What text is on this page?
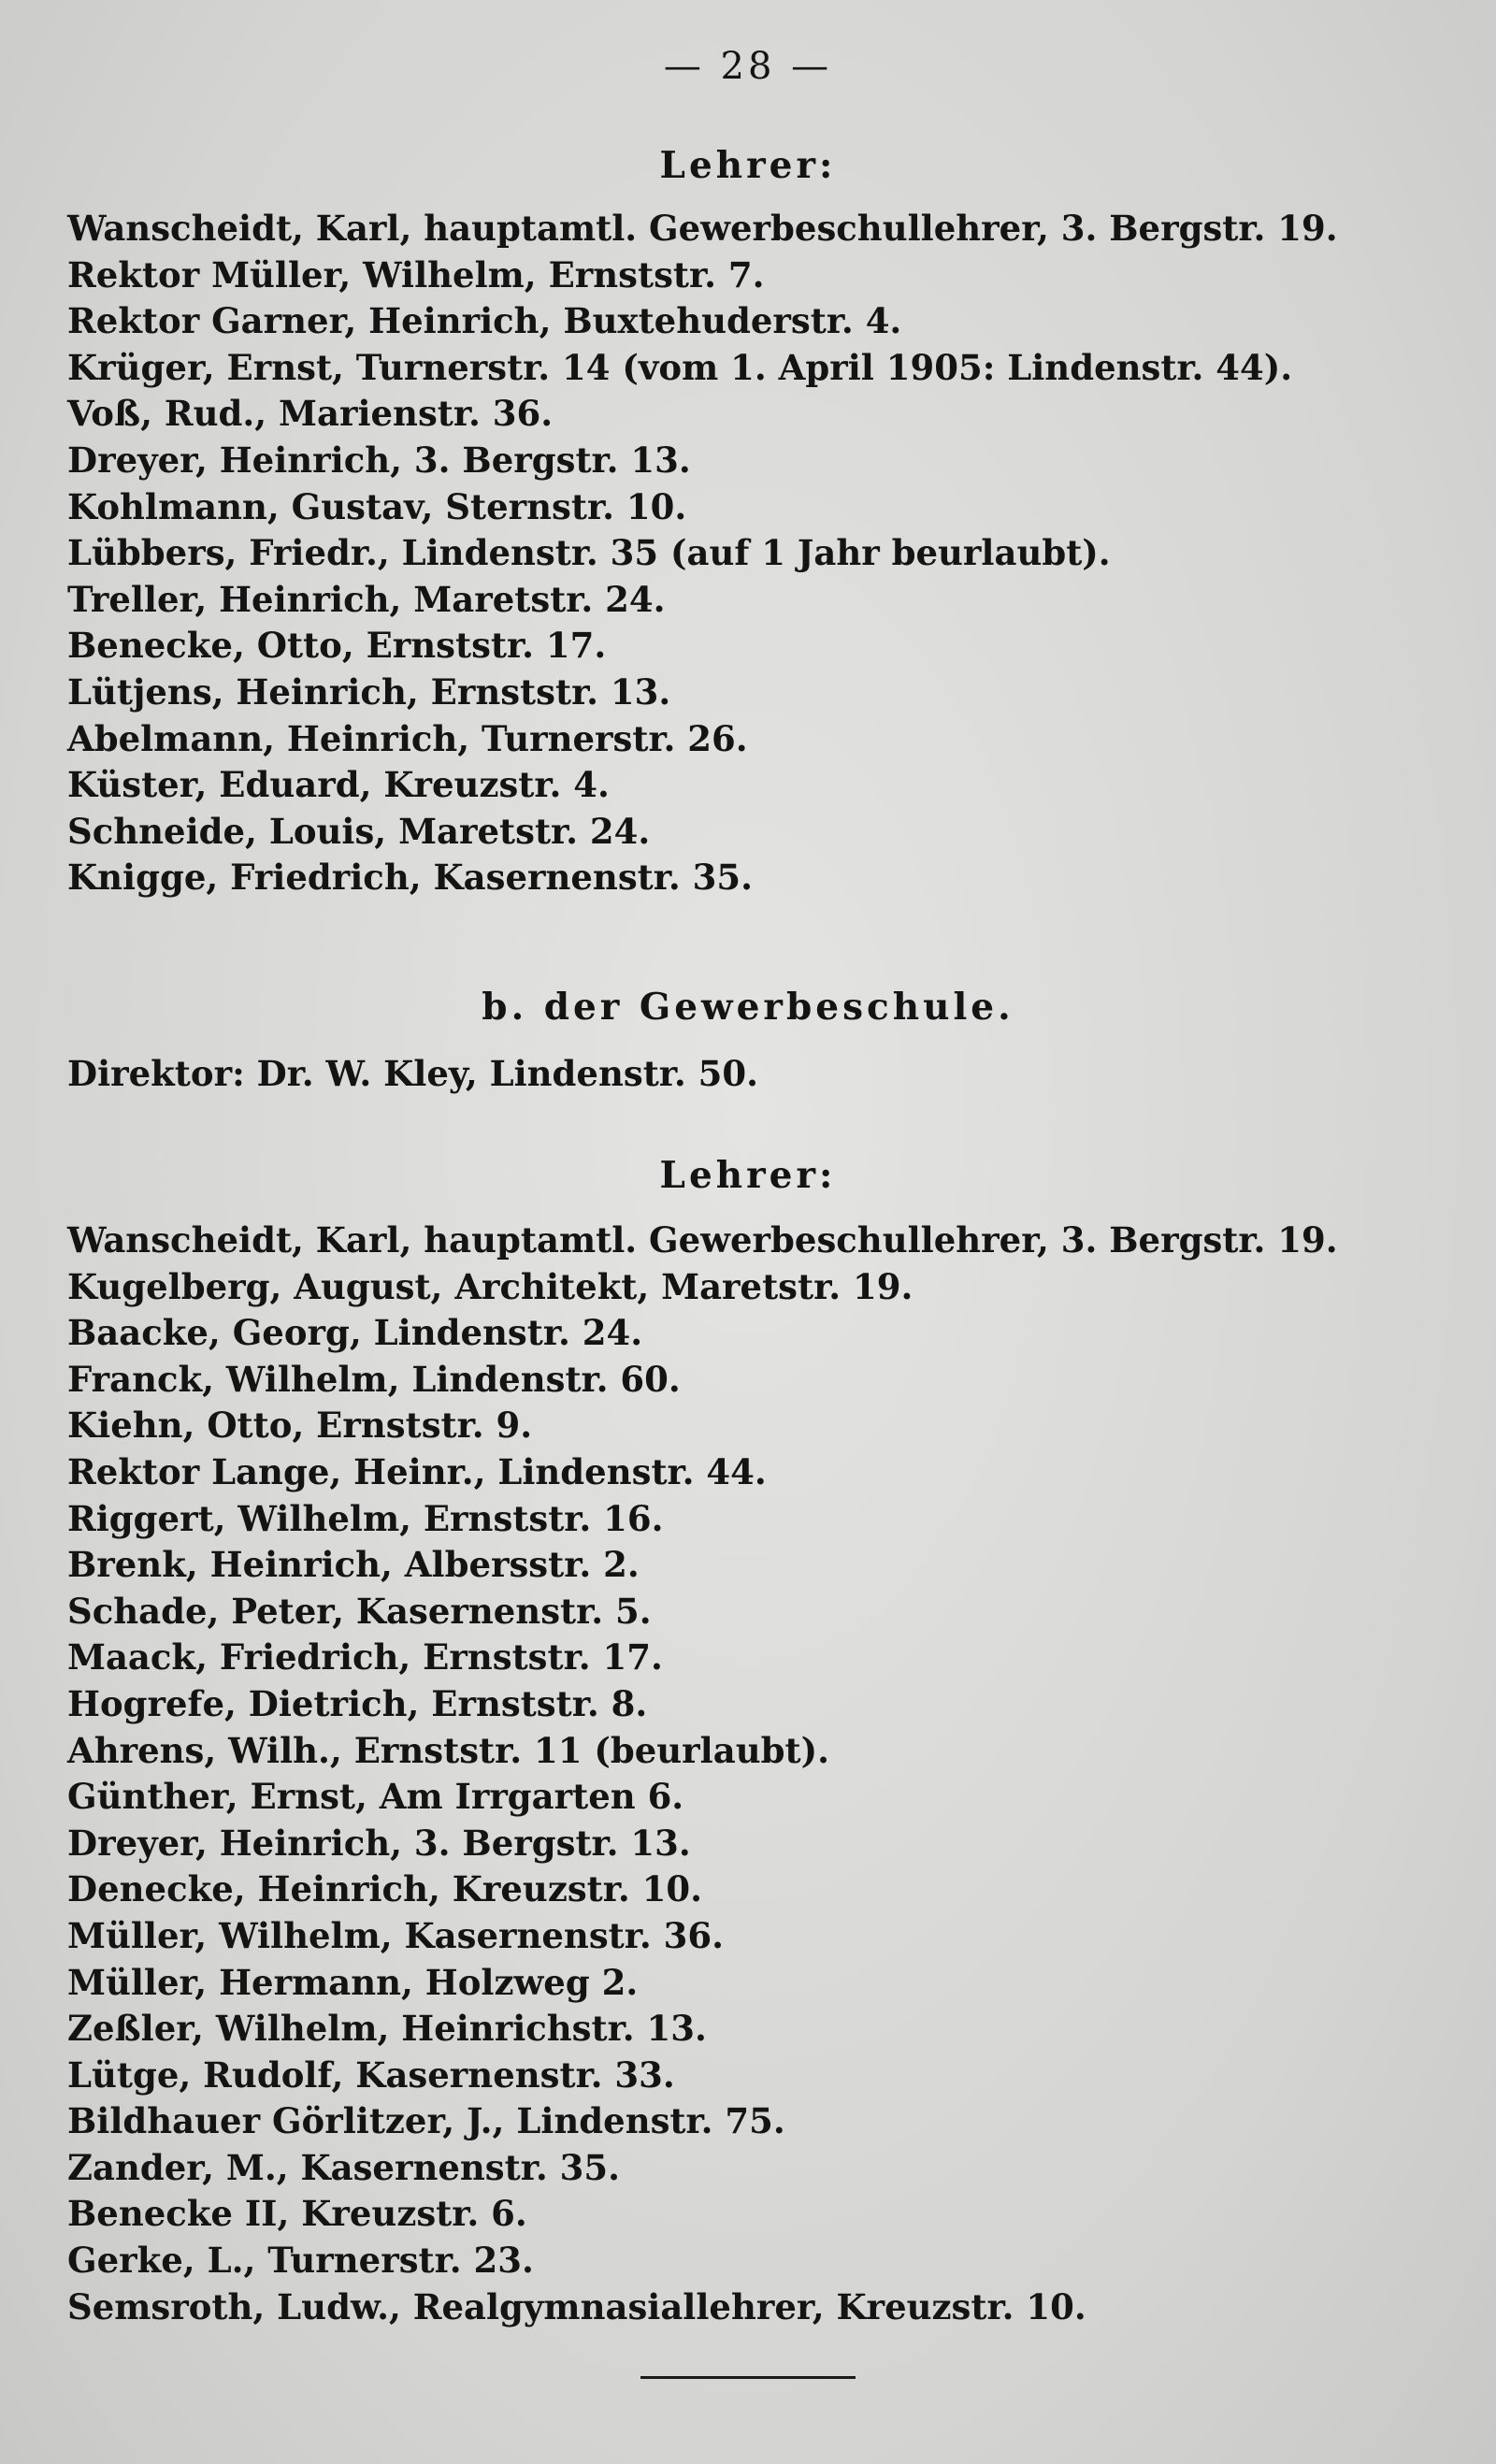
— 28 —
Lehrer:
Wanscheidt, Karl, hauptamtl. Gewerbeschullehrer, 3. Bergstr. 19.
Rektor Müller, Wilhelm, Ernststr. 7.
Rektor Garner, Heinrich, Buxtehuderstr. 4.
Krüger, Ernst, Turnerstr. 14 (vom 1. April 1905: Lindenstr. 44).
Voß, Rud., Marienstr. 36.
Dreyer, Heinrich, 3. Bergstr. 13.
Kohlmann, Gustav, Sternstr. 10.
Lübbers, Friedr., Lindenstr. 35 (auf 1 Jahr beurlaubt).
Treller, Heinrich, Maretstr. 24.
Benecke, Otto, Ernststr. 17.
Lütjens, Heinrich, Ernststr. 13.
Abelmann, Heinrich, Turnerstr. 26.
Küster, Eduard, Kreuzstr. 4.
Schneide, Louis, Maretstr. 24.
Knigge, Friedrich, Kasernenstr. 35.
b. der Gewerbeschule.
Direktor: Dr. W. Kley, Lindenstr. 50.
Lehrer:
Wanscheidt, Karl, hauptamtl. Gewerbeschullehrer, 3. Bergstr. 19.
Kugelberg, August, Architekt, Maretstr. 19.
Baacke, Georg, Lindenstr. 24.
Franck, Wilhelm, Lindenstr. 60.
Kiehn, Otto, Ernststr. 9.
Rektor Lange, Heinr., Lindenstr. 44.
Riggert, Wilhelm, Ernststr. 16.
Brenk, Heinrich, Albersstr. 2.
Schade, Peter, Kasernenstr. 5.
Maack, Friedrich, Ernststr. 17.
Hogrefe, Dietrich, Ernststr. 8.
Ahrens, Wilh., Ernststr. 11 (beurlaubt).
Günther, Ernst, Am Irrgarten 6.
Dreyer, Heinrich, 3. Bergstr. 13.
Denecke, Heinrich, Kreuzstr. 10.
Müller, Wilhelm, Kasernenstr. 36.
Müller, Hermann, Holzweg 2.
Zeßler, Wilhelm, Heinrichstr. 13.
Lütge, Rudolf, Kasernenstr. 33.
Bildhauer Görlitzer, J., Lindenstr. 75.
Zander, M., Kasernenstr. 35.
Benecke II, Kreuzstr. 6.
Gerke, L., Turnerstr. 23.
Semsroth, Ludw., Realgymnasiallehrer, Kreuzstr. 10.
